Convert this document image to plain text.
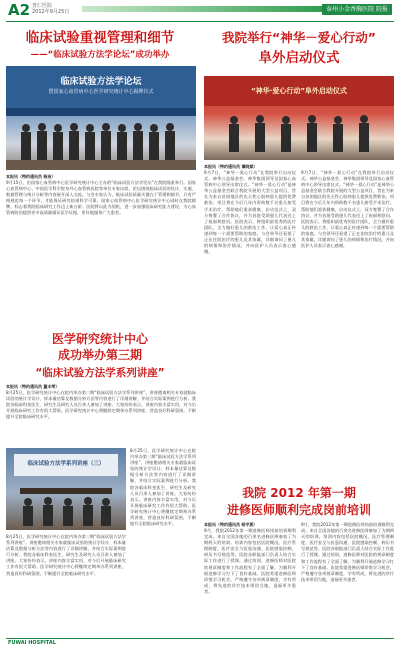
A2 普仁医院
2012年9月25日	泰州小金香胸医院 院报
临床试验重视管理和细节
——“临床试验方法学论坛”成功举办
临床试验方法学论坛
暨国家心血管病中心医学研究统计中心揭牌仪式
本报讯（特约通讯员 杨洁）
9月15日，由国家心血管病中心医学研究统计中心主办的“临床试验方法学论坛”在我院隆重举行。国家心血管病中心、中国医学科学院阜外心血管病医院等单位专家出席。论坛围绕临床试验的设计、实施、数据管理与统计分析等内容展开深入交流。与会专家认为，临床试验质量关键在于管理和细节，只有严格规范每一个环节，才能保证研究结果科学可靠。国家心血管病中心医学研究统计中心同时在我院揭牌，标志着我院临床研究工作迈上新台阶。医院将以此为契机，进一步加强临床研究能力建设，为心血管病防治提供更多高质量循证医学证据，更好地服务广大患者。
医学研究统计中心
成功举办第三期
“临床试验方法学系列讲座”
本报讯（特约通讯员 董丰荣）
8月25日，医学研究统计中心在院内举办第三期“临床试验方法学系列讲座”。讲座邀请相关专家就临床试验的统计学设计、样本量估算及数据分析方法等内容进行了详细讲解，并结合实际案例进行分析。我院各临床科室医生、研究生及研究人员百余人参加了讲座。大家纷纷表示，讲座内容丰富实用，对今后开展临床研究工作有很大帮助。医学研究统计中心将继续定期举办系列讲座，营造良好科研氛围，不断提升全院临床研究水平。
临床试验方法学系列讲座（三）
8月25日，医学研究统计中心在院内举办第三期“临床试验方法学系列讲座”。讲座邀请相关专家就临床试验的统计学设计、样本量估算及数据分析方法等内容进行了详细讲解，并结合实际案例进行分析。我院各临床科室医生、研究生及研究人员百余人参加了讲座。大家纷纷表示，讲座内容丰富实用，对今后开展临床研究工作有很大帮助。医学研究统计中心将继续定期举办系列讲座，营造良好科研氛围，不断提升全院临床研究水平。
8月25日，医学研究统计中心在院内举办第三期“临床试验方法学系列讲座”。讲座邀请相关专家就临床试验的统计学设计、样本量估算及数据分析方法等内容进行了详细讲解，并结合实际案例进行分析。我院各临床科室医生、研究生及研究人员百余人参加了讲座。大家纷纷表示，讲座内容丰富实用，对今后开展临床研究工作有很大帮助。医学研究统计中心将继续定期举办系列讲座，营造良好科研氛围，不断提升全院临床研究水平。
我院举行“神华－爱心行动”
阜外启动仪式
“神华·爱心行动”阜外启动仪式
本报讯（特约通讯员 谭晓斌）
9月7日，“神华－爱心行动”在我院举行启动仪式。神华公益基金会、神华集团领导及国家心血管病中心领导出席仪式。“神华－爱心行动”是神华公益基金会联合我院开展的大型公益项目，旨在为来自贫困地区的先天性心脏病患儿提供免费救治。项目将在今后几年内资助数千名患儿接受手术治疗，帮助他们重获健康。启动仪式上，双方签署了合作协议，并为首批受助患儿代表送上了祝福和慰问。医院表示，将组织最优秀的医疗团队，全力做好患儿的救治工作，让爱心真正传递到每一个需要帮助的家庭。与会领导还看望了正在住院治疗的患儿及其家属，详细询问了患儿的病情和治疗情况，并向医护人员表示衷心感谢。
9月7日，“神华－爱心行动”在我院举行启动仪式。神华公益基金会、神华集团领导及国家心血管病中心领导出席仪式。“神华－爱心行动”是神华公益基金会联合我院开展的大型公益项目，旨在为来自贫困地区的先天性心脏病患儿提供免费救治。项目将在今后几年内资助数千名患儿接受手术治疗，帮助他们重获健康。启动仪式上，双方签署了合作协议，并为首批受助患儿代表送上了祝福和慰问。医院表示，将组织最优秀的医疗团队，全力做好患儿的救治工作，让爱心真正传递到每一个需要帮助的家庭。与会领导还看望了正在住院治疗的患儿及其家属，详细询问了患儿的病情和治疗情况，并向医护人员表示衷心感谢。
我院 2012 年第一期
进修医师顺利完成岗前培训
本报讯（特约通讯员 杨宇燕）
9月，我院2012年第一期进修医师岗前培训顺利完成。来自全国各地的百余名进修医师参加了为期两天的培训。培训内容包括医院概况、医疗管理制度、医疗安全与医患沟通、医院感染控制、病历书写规范等。医院各职能部门负责人结合实际工作进行了授课。通过培训，进修医师对医院的规章制度和工作流程有了全面了解，为顺利开展进修学习打下了良好基础。医院希望进修医师珍惜学习机会，严格遵守各项规章制度，学有所成，将先进的诊疗技术带回当地，造福更多患者。
9月，我院2012年第一期进修医师岗前培训顺利完成。来自全国各地的百余名进修医师参加了为期两天的培训。培训内容包括医院概况、医疗管理制度、医疗安全与医患沟通、医院感染控制、病历书写规范等。医院各职能部门负责人结合实际工作进行了授课。通过培训，进修医师对医院的规章制度和工作流程有了全面了解，为顺利开展进修学习打下了良好基础。医院希望进修医师珍惜学习机会，严格遵守各项规章制度，学有所成，将先进的诊疗技术带回当地，造福更多患者。
FUWAI HOSPITAL
